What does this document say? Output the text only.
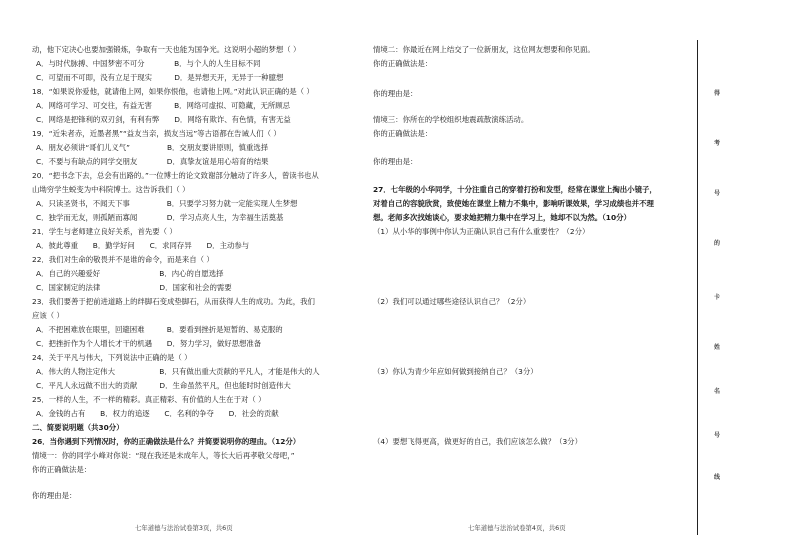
动，他下定决心也要加强锻炼，争取有一天也能为国争光。这说明小超的梦想（ ）
A．与时代脉搏、中国梦密不可分　　　　B．与个人的人生目标不同
C．可望而不可即，没有立足于现实　　　D．是异想天开，无异于一种臆想
18．“如果说你爱他，就请他上网，如果你恨他，也请他上网。”对此认识正确的是（ ）
A．网络可学习、可交往，有益无害　　　B．网络可虚拟、可隐藏，无所顾忌
C．网络是把锋利的双刃剑，有利有弊　　D．网络有欺诈、有色情，有害无益
19．“近朱者赤，近墨者黑”“益友当亲，损友当远”等古语都在告诫人们（ ）
A．朋友必须讲“哥们儿义气”　　　　　B．交朋友要讲原则，慎重选择
C．不要与有缺点的同学交朋友　　　　D．真挚友谊是用心培育的结果
20．“把书念下去，总会有出路的。”一位博士的论文致谢部分触动了许多人，曾读书也从
山坳穷学生蜕变为中科院博士。这告诉我们（ ）
A．只读圣贤书，不闻天下事　　　　　B．只要学习努力就一定能实现人生梦想
C．独学而无友，则孤陋而寡闻　　　　D．学习点亮人生，为幸福生活奠基
21．学生与老师建立良好关系，首先要（ ）
A．彼此尊重　　B．勤学好问　　C．求同存异　　D．主动参与
22．我们对生命的敬畏并不是谁的命令，而是来自（ ）
A．自己的兴趣爱好　　　　　　　　B．内心的自愿选择
C．国家制定的法律　　　　　　　　D．国家和社会的需要
23．我们要善于把前进道路上的绊脚石变成垫脚石，从而获得人生的成功。为此，我们
应该（ ）
A．不把困难放在眼里，回避困难　　　B．要看到挫折是短暂的、易克服的
C．把挫折作为个人增长才干的机遇　　D．努力学习，做好思想准备
24．关于平凡与伟大，下列说法中正确的是（ ）
A．伟大的人物注定伟大　　　　　　B．只有做出重大贡献的平凡人，才能是伟大的人
C．平凡人永远做不出大的贡献　　　D．生命虽然平凡，但也能时时创造伟大
25．一样的人生，不一样的精彩。真正精彩、有价值的人生在于对（ ）
A．金钱的占有　　B．权力的追逐　　C．名利的争夺　　D．社会的贡献
二、简要说明题（共30分）
26．当你遇到下列情况时，你的正确做法是什么？并简要说明你的理由。（12分）
情境一：你的同学小峰对你说：“现在我还是未成年人，等长大后再孝敬父母吧，”
你的正确做法是：
你的理由是：
七年道德与法治试卷第3页，共6页
情境二：你最近在网上结交了一位新朋友，这位网友想要和你见面。
你的正确做法是：
你的理由是：
情境三：你所在的学校组织地震疏散演练活动。
你的正确做法是：
你的理由是：
27．七年级的小华同学，十分注重自己的穿着打扮和发型，经常在课堂上掏出小镜子，
对着自己的容貌欣赏，致使她在课堂上精力不集中，影响听课效果，学习成绩也并不理
想。老师多次找她谈心，要求她把精力集中在学习上，她却不以为然。（10分）
（1）从小华的事例中你认为正确认识自己有什么重要性？（2分）
（2）我们可以通过哪些途径认识自己？（2分）
（3）你认为青少年应如何做到接纳自己？（3分）
（4）要想飞得更高，做更好的自己，我们应该怎么做？（3分）
七年道德与法治试卷第4页，共6页
得
考
号
的
卡
姓
名
号
线
